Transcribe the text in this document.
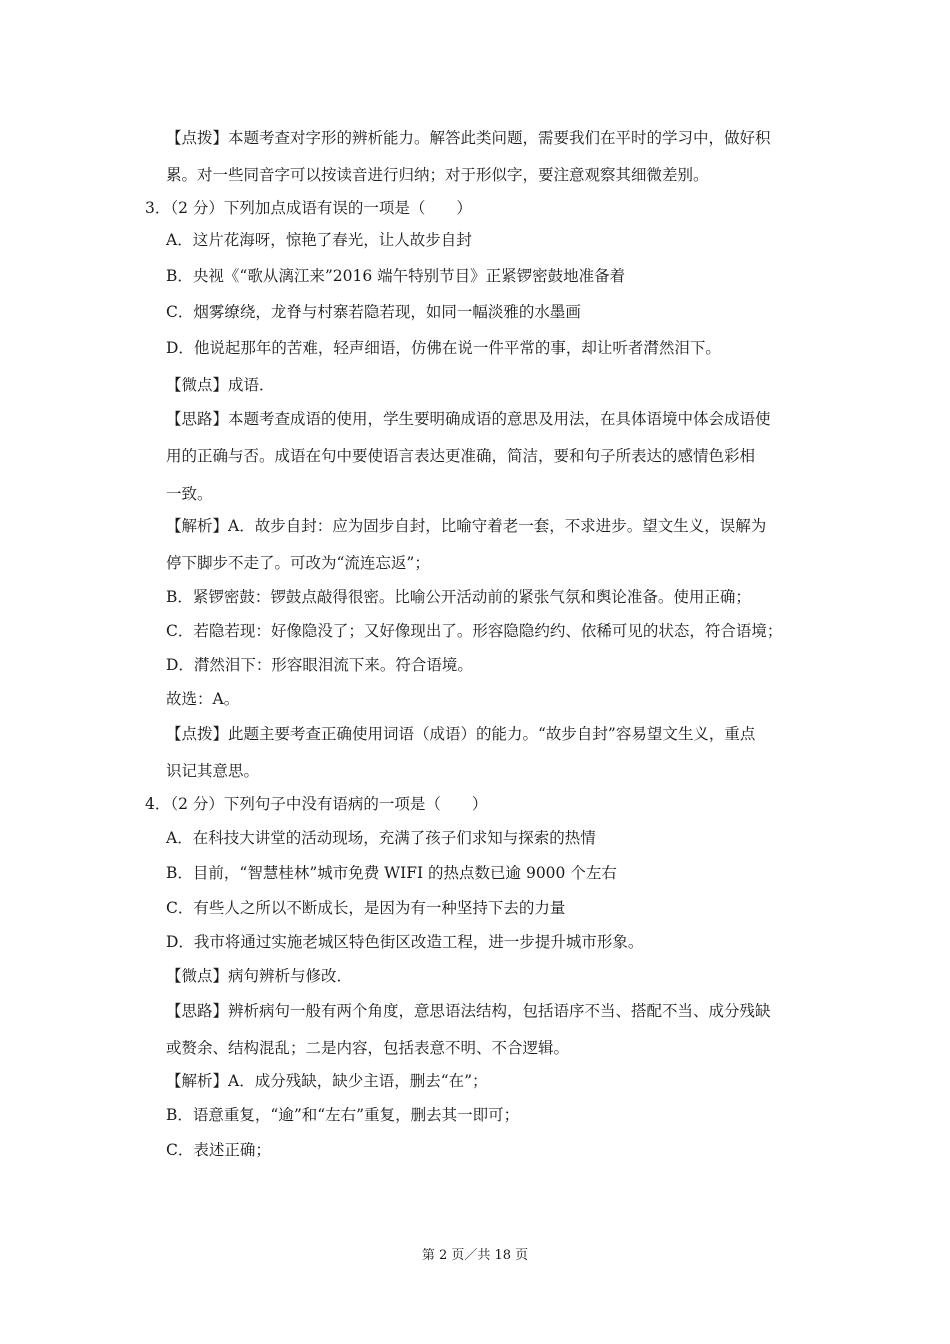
【点拨】本题考查对字形的辨析能力。解答此类问题，需要我们在平时的学习中，做好积
累。对一些同音字可以按读音进行归纳；对于形似字，要注意观察其细微差别。
3．（2 分）下列加点成语有误的一项是（　　）
A．这片花海呀，惊艳了春光，让人故步自封
B．央视《“歌从漓江来”2016 端午特别节目》正紧锣密鼓地准备着
C．烟雾缭绕，龙脊与村寨若隐若现，如同一幅淡雅的水墨画
D．他说起那年的苦难，轻声细语，仿佛在说一件平常的事，却让听者潸然泪下。
【微点】成语．
【思路】本题考查成语的使用，学生要明确成语的意思及用法，在具体语境中体会成语使
用的正确与否。成语在句中要使语言表达更准确，简洁，要和句子所表达的感情色彩相
一致。
【解析】A．故步自封：应为固步自封，比喻守着老一套，不求进步。望文生义，误解为
停下脚步不走了。可改为“流连忘返”；
B．紧锣密鼓：锣鼓点敲得很密。比喻公开活动前的紧张气氛和舆论准备。使用正确；
C．若隐若现：好像隐没了；又好像现出了。形容隐隐约约、依稀可见的状态，符合语境；
D．潸然泪下：形容眼泪流下来。符合语境。
故选：A。
【点拨】此题主要考查正确使用词语（成语）的能力。“故步自封”容易望文生义，重点
识记其意思。
4．（2 分）下列句子中没有语病的一项是（　　）
A．在科技大讲堂的活动现场，充满了孩子们求知与探索的热情
B．目前，“智慧桂林”城市免费 WIFI 的热点数已逾 9000 个左右
C．有些人之所以不断成长，是因为有一种坚持下去的力量
D．我市将通过实施老城区特色街区改造工程，进一步提升城市形象。
【微点】病句辨析与修改．
【思路】辨析病句一般有两个角度，意思语法结构，包括语序不当、搭配不当、成分残缺
或赘余、结构混乱；二是内容，包括表意不明、不合逻辑。
【解析】A．成分残缺，缺少主语，删去“在”；
B．语意重复，“逾”和“左右”重复，删去其一即可；
C．表述正确；
第 2 页／共 18 页
